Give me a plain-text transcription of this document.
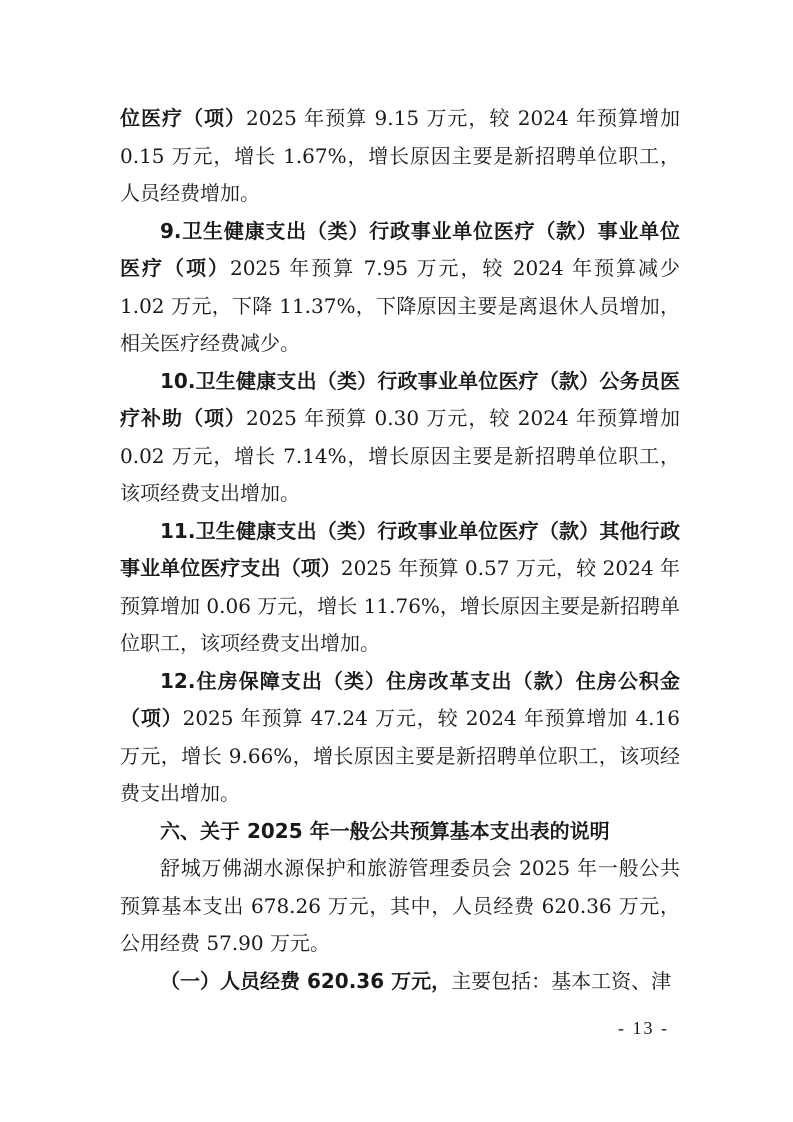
位医疗（项）2025 年预算 9.15 万元，较 2024 年预算增加 0.15 万元，增长 1.67%，增长原因主要是新招聘单位职工，人员经费增加。

9.卫生健康支出（类）行政事业单位医疗（款）事业单位医疗（项）2025 年预算 7.95 万元，较 2024 年预算减少 1.02 万元，下降 11.37%，下降原因主要是离退休人员增加，相关医疗经费减少。

10.卫生健康支出（类）行政事业单位医疗（款）公务员医疗补助（项）2025 年预算 0.30 万元，较 2024 年预算增加 0.02 万元，增长 7.14%，增长原因主要是新招聘单位职工，该项经费支出增加。

11.卫生健康支出（类）行政事业单位医疗（款）其他行政事业单位医疗支出（项）2025 年预算 0.57 万元，较 2024 年预算增加 0.06 万元，增长 11.76%，增长原因主要是新招聘单位职工，该项经费支出增加。

12.住房保障支出（类）住房改革支出（款）住房公积金（项）2025 年预算 47.24 万元，较 2024 年预算增加 4.16 万元，增长 9.66%，增长原因主要是新招聘单位职工，该项经费支出增加。

六、关于 2025 年一般公共预算基本支出表的说明

舒城万佛湖水源保护和旅游管理委员会 2025 年一般公共预算基本支出 678.26 万元，其中，人员经费 620.36 万元，公用经费 57.90 万元。

（一）人员经费 620.36 万元，主要包括：基本工资、津

- 13 -
